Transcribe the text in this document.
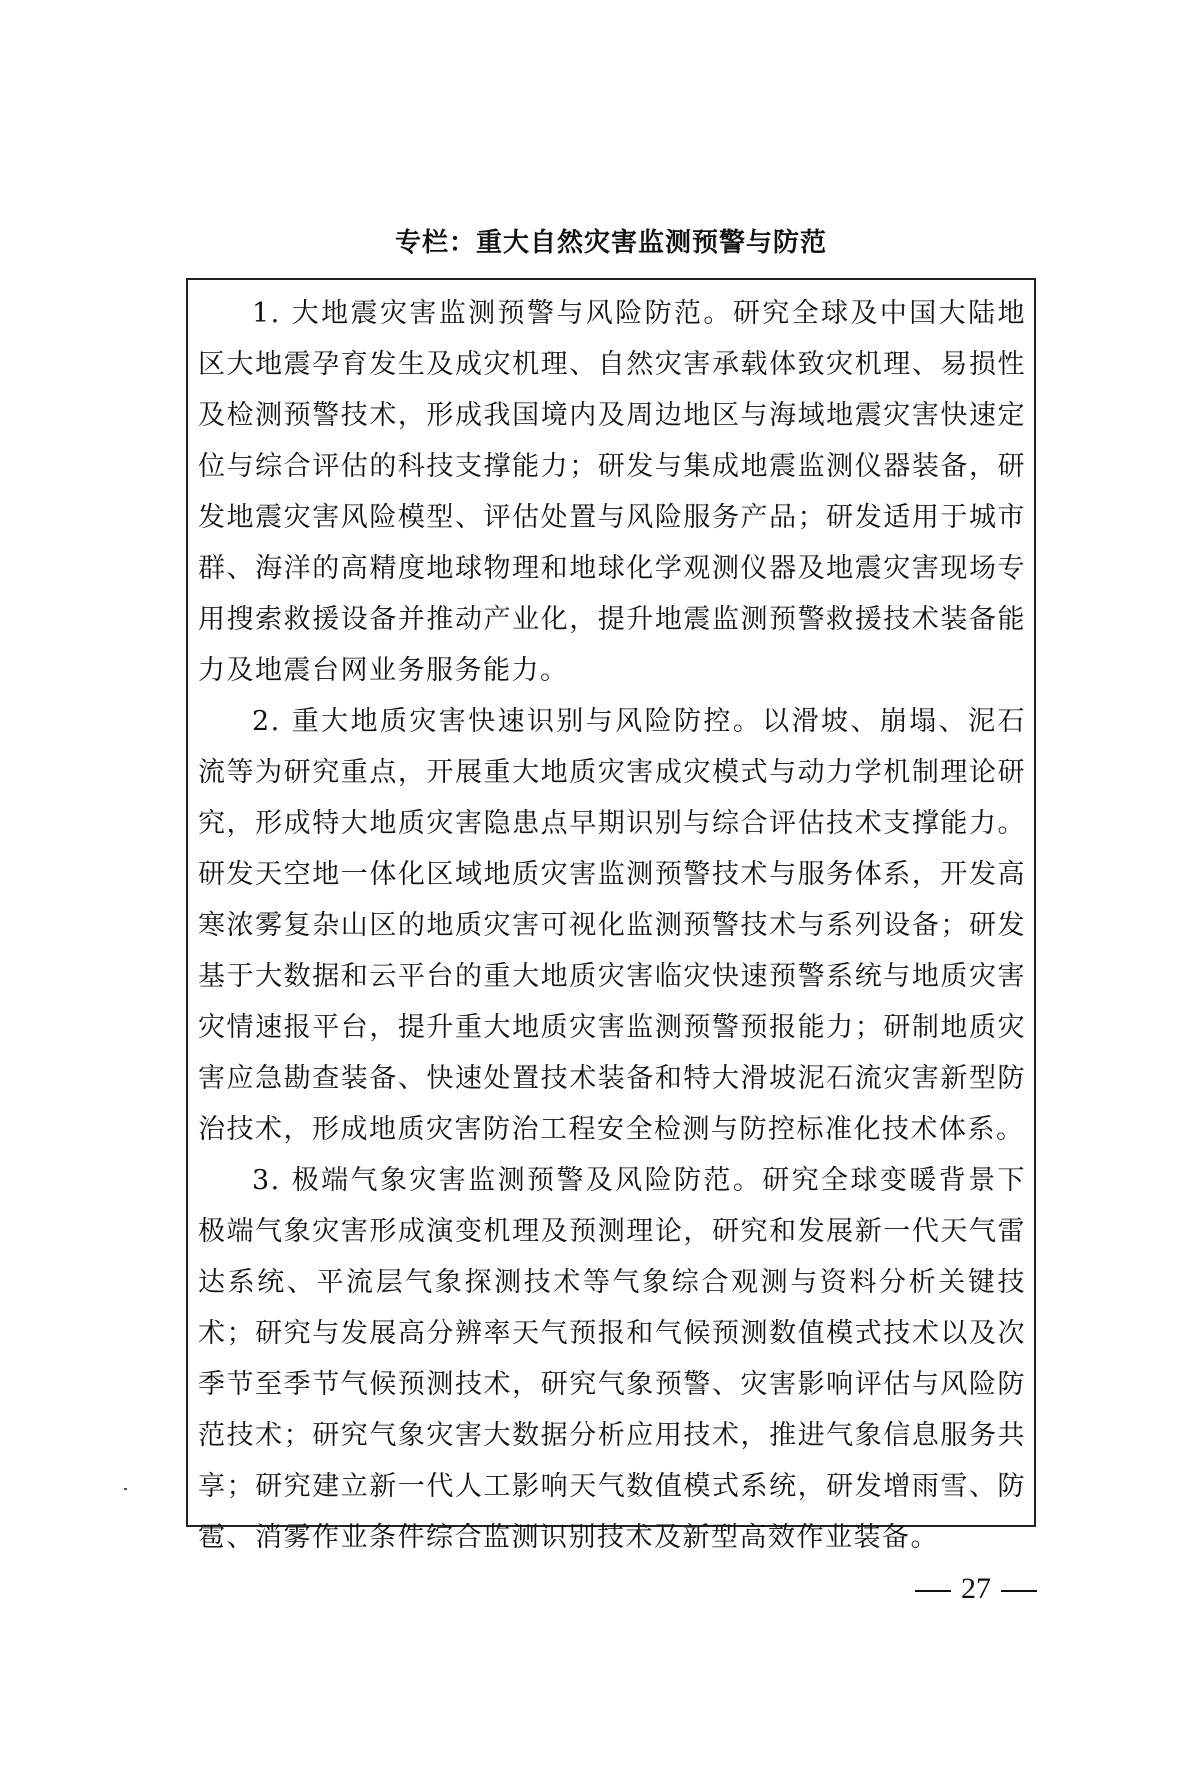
专栏：重大自然灾害监测预警与防范

1. 大地震灾害监测预警与风险防范。研究全球及中国大陆地区大地震孕育发生及成灾机理、自然灾害承载体致灾机理、易损性及检测预警技术，形成我国境内及周边地区与海域地震灾害快速定位与综合评估的科技支撑能力；研发与集成地震监测仪器装备，研发地震灾害风险模型、评估处置与风险服务产品；研发适用于城市群、海洋的高精度地球物理和地球化学观测仪器及地震灾害现场专用搜索救援设备并推动产业化，提升地震监测预警救援技术装备能力及地震台网业务服务能力。

2. 重大地质灾害快速识别与风险防控。以滑坡、崩塌、泥石流等为研究重点，开展重大地质灾害成灾模式与动力学机制理论研究，形成特大地质灾害隐患点早期识别与综合评估技术支撑能力。研发天空地一体化区域地质灾害监测预警技术与服务体系，开发高寒浓雾复杂山区的地质灾害可视化监测预警技术与系列设备；研发基于大数据和云平台的重大地质灾害临灾快速预警系统与地质灾害灾情速报平台，提升重大地质灾害监测预警预报能力；研制地质灾害应急勘查装备、快速处置技术装备和特大滑坡泥石流灾害新型防治技术，形成地质灾害防治工程安全检测与防控标准化技术体系。

3. 极端气象灾害监测预警及风险防范。研究全球变暖背景下极端气象灾害形成演变机理及预测理论，研究和发展新一代天气雷达系统、平流层气象探测技术等气象综合观测与资料分析关键技术；研究与发展高分辨率天气预报和气候预测数值模式技术以及次季节至季节气候预测技术，研究气象预警、灾害影响评估与风险防范技术；研究气象灾害大数据分析应用技术，推进气象信息服务共享；研究建立新一代人工影响天气数值模式系统，研发增雨雪、防雹、消雾作业条件综合监测识别技术及新型高效作业装备。

27
